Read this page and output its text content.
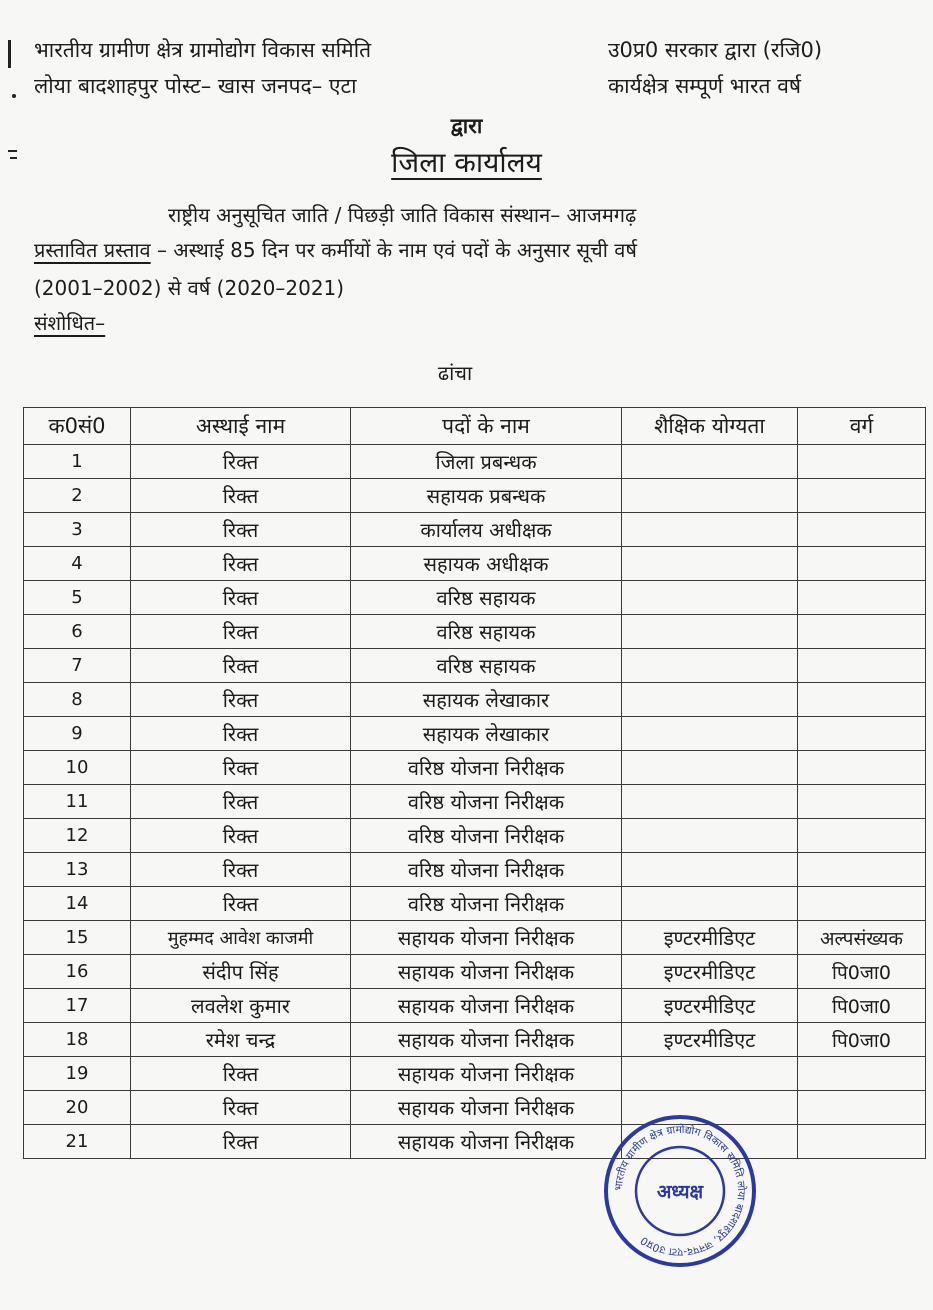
भारतीय ग्रामीण क्षेत्र ग्रामोद्योग विकास समिति
लोया बादशाहपुर पोस्ट– खास जनपद– एटा
उ0प्र0 सरकार द्वारा (रजि0)
कार्यक्षेत्र सम्पूर्ण भारत वर्ष
द्वारा
जिला कार्यालय
राष्ट्रीय अनुसूचित जाति / पिछड़ी जाति विकास संस्थान– आजमगढ़
प्रस्तावित प्रस्ताव – अस्थाई 85 दिन पर कर्मीयों के नाम एवं पदों के अनुसार सूची वर्ष
(2001–2002) से वर्ष (2020–2021)
संशोधित–
ढांचा
क0सं0	अस्थाई नाम	पदों के नाम	शैक्षिक योग्यता	वर्ग
1	रिक्त	जिला प्रबन्धक		
2	रिक्त	सहायक प्रबन्धक		
3	रिक्त	कार्यालय अधीक्षक		
4	रिक्त	सहायक अधीक्षक		
5	रिक्त	वरिष्ठ सहायक		
6	रिक्त	वरिष्ठ सहायक		
7	रिक्त	वरिष्ठ सहायक		
8	रिक्त	सहायक लेखाकार		
9	रिक्त	सहायक लेखाकार		
10	रिक्त	वरिष्ठ योजना निरीक्षक		
11	रिक्त	वरिष्ठ योजना निरीक्षक		
12	रिक्त	वरिष्ठ योजना निरीक्षक		
13	रिक्त	वरिष्ठ योजना निरीक्षक		
14	रिक्त	वरिष्ठ योजना निरीक्षक		
15	मुहम्मद आवेश काजमी	सहायक योजना निरीक्षक	इण्टरमीडिएट	अल्पसंख्यक
16	संदीप सिंह	सहायक योजना निरीक्षक	इण्टरमीडिएट	पि0जा0
17	लवलेश कुमार	सहायक योजना निरीक्षक	इण्टरमीडिएट	पि0जा0
18	रमेश चन्द्र	सहायक योजना निरीक्षक	इण्टरमीडिएट	पि0जा0
19	रिक्त	सहायक योजना निरीक्षक		
20	रिक्त	सहायक योजना निरीक्षक		
21	रिक्त	सहायक योजना निरीक्षक		
भारतीय ग्रामीण क्षेत्र ग्रामोद्योग विकास समिति लोया बादशाहपुर, जनपद-एटा उ0प्र0
अध्यक्ष
